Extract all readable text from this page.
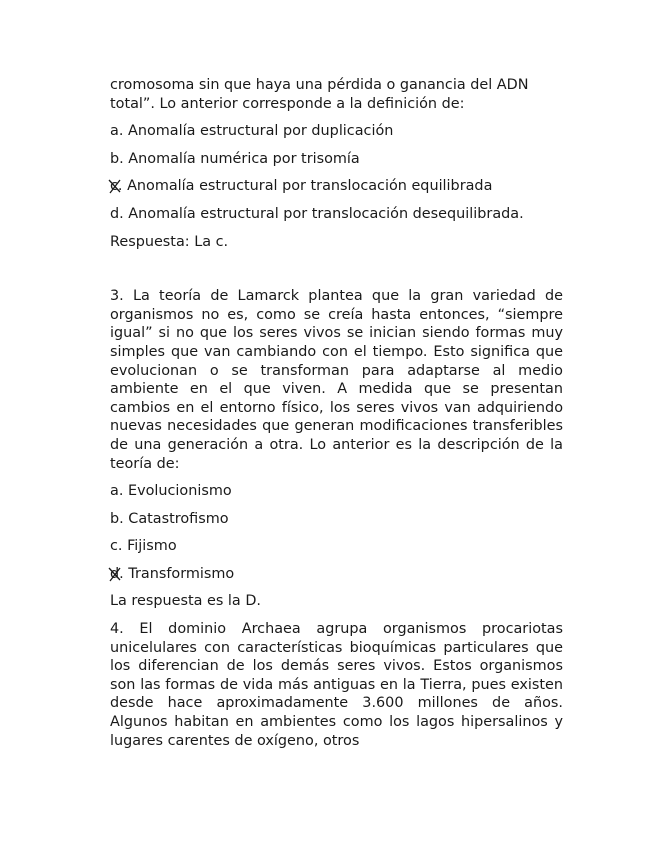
cromosoma sin que haya una pérdida o ganancia del ADN total”. Lo anterior corresponde a la definición de:

a. Anomalía estructural por duplicación

b. Anomalía numérica por trisomía

c. Anomalía estructural por translocación equilibrada

d. Anomalía estructural por translocación desequilibrada.

Respuesta: La c.

3. La teoría de Lamarck plantea que la gran variedad de organismos no es, como se creía hasta entonces, “siempre igual” si no que los seres vivos se inician siendo formas muy simples que van cambiando con el tiempo. Esto significa que evolucionan o se transforman para adaptarse al medio ambiente en el que viven. A medida que se presentan cambios en el entorno físico, los seres vivos van adquiriendo nuevas necesidades que generan modificaciones transferibles de una generación a otra. Lo anterior es la descripción de la teoría de:

a. Evolucionismo

b. Catastrofismo

c. Fijismo

d. Transformismo

La respuesta es la D.

4. El dominio Archaea agrupa organismos procariotas unicelulares con características bioquímicas particulares que los diferencian de los demás seres vivos. Estos organismos son las formas de vida más antiguas en la Tierra, pues existen desde hace aproximadamente 3.600 millones de años. Algunos habitan en ambientes como los lagos hipersalinos y lugares carentes de oxígeno, otros
